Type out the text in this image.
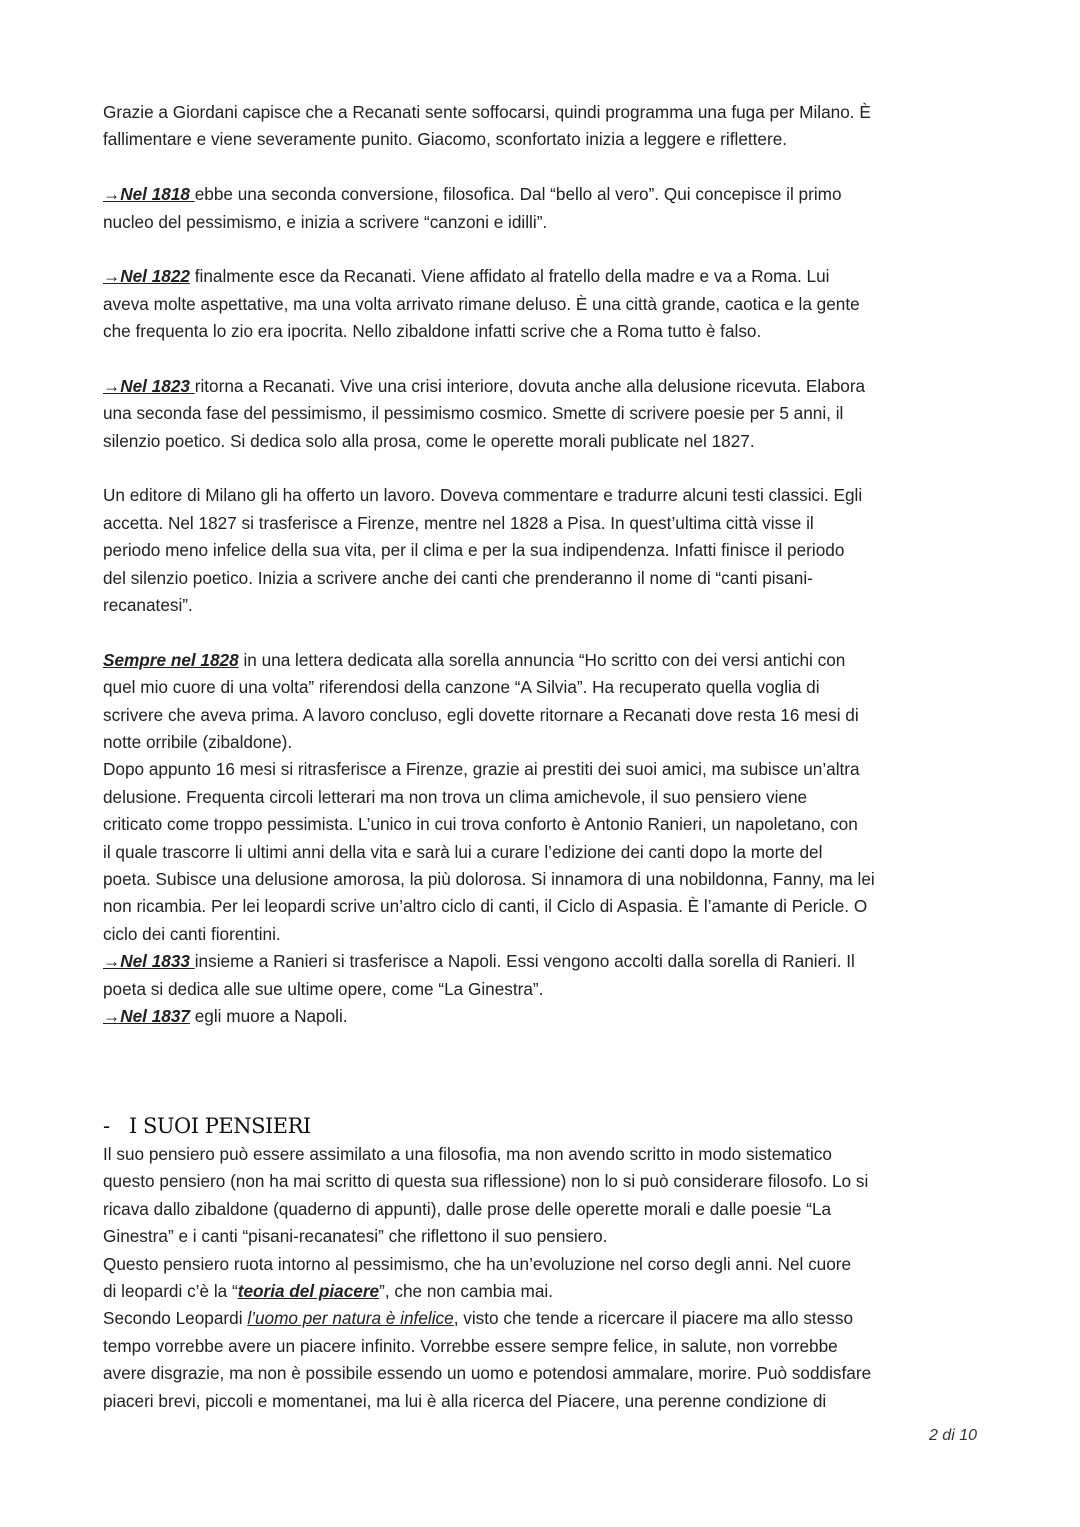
Grazie a Giordani capisce che a Recanati sente soffocarsi, quindi programma una fuga per Milano. È
fallimentare e viene severamente punito. Giacomo, sconfortato inizia a leggere e riflettere.
→Nel 1818 ebbe una seconda conversione, filosofica. Dal “bello al vero”. Qui concepisce il primo
nucleo del pessimismo, e inizia a scrivere “canzoni e idilli”.
→Nel 1822 finalmente esce da Recanati. Viene affidato al fratello della madre e va a Roma. Lui
aveva molte aspettative, ma una volta arrivato rimane deluso. È una città grande, caotica e la gente
che frequenta lo zio era ipocrita. Nello zibaldone infatti scrive che a Roma tutto è falso.
→Nel 1823 ritorna a Recanati. Vive una crisi interiore, dovuta anche alla delusione ricevuta. Elabora
una seconda fase del pessimismo, il pessimismo cosmico. Smette di scrivere poesie per 5 anni, il
silenzio poetico. Si dedica solo alla prosa, come le operette morali publicate nel 1827.
Un editore di Milano gli ha offerto un lavoro. Doveva commentare e tradurre alcuni testi classici. Egli
accetta. Nel 1827 si trasferisce a Firenze, mentre nel 1828 a Pisa. In quest’ultima città visse il
periodo meno infelice della sua vita, per il clima e per la sua indipendenza. Infatti finisce il periodo
del silenzio poetico. Inizia a scrivere anche dei canti che prenderanno il nome di “canti pisani-
recanatesi”.
Sempre nel 1828 in una lettera dedicata alla sorella annuncia “Ho scritto con dei versi antichi con
quel mio cuore di una volta” riferendosi della canzone “A Silvia”. Ha recuperato quella voglia di
scrivere che aveva prima. A lavoro concluso, egli dovette ritornare a Recanati dove resta 16 mesi di
notte orribile (zibaldone).
Dopo appunto 16 mesi si ritrasferisce a Firenze, grazie ai prestiti dei suoi amici, ma subisce un’altra
delusione. Frequenta circoli letterari ma non trova un clima amichevole, il suo pensiero viene
criticato come troppo pessimista. L’unico in cui trova conforto è Antonio Ranieri, un napoletano, con
il quale trascorre li ultimi anni della vita e sarà lui a curare l’edizione dei canti dopo la morte del
poeta. Subisce una delusione amorosa, la più dolorosa. Si innamora di una nobildonna, Fanny, ma lei
non ricambia. Per lei leopardi scrive un’altro ciclo di canti, il Ciclo di Aspasia. È l’amante di Pericle. O
ciclo dei canti fiorentini.
→Nel 1833 insieme a Ranieri si trasferisce a Napoli. Essi vengono accolti dalla sorella di Ranieri. Il
poeta si dedica alle sue ultime opere, come “La Ginestra”.
→Nel 1837 egli muore a Napoli.
- I SUOI PENSIERI
Il suo pensiero può essere assimilato a una filosofia, ma non avendo scritto in modo sistematico
questo pensiero (non ha mai scritto di questa sua riflessione) non lo si può considerare filosofo. Lo si
ricava dallo zibaldone (quaderno di appunti), dalle prose delle operette morali e dalle poesie “La
Ginestra” e i canti “pisani-recanatesi” che riflettono il suo pensiero.
Questo pensiero ruota intorno al pessimismo, che ha un’evoluzione nel corso degli anni. Nel cuore
di leopardi c’è la “teoria del piacere”, che non cambia mai.
Secondo Leopardi l’uomo per natura è infelice, visto che tende a ricercare il piacere ma allo stesso
tempo vorrebbe avere un piacere infinito. Vorrebbe essere sempre felice, in salute, non vorrebbe
avere disgrazie, ma non è possibile essendo un uomo e potendosi ammalare, morire. Può soddisfare
piaceri brevi, piccoli e momentanei, ma lui è alla ricerca del Piacere, una perenne condizione di
2 di 10
